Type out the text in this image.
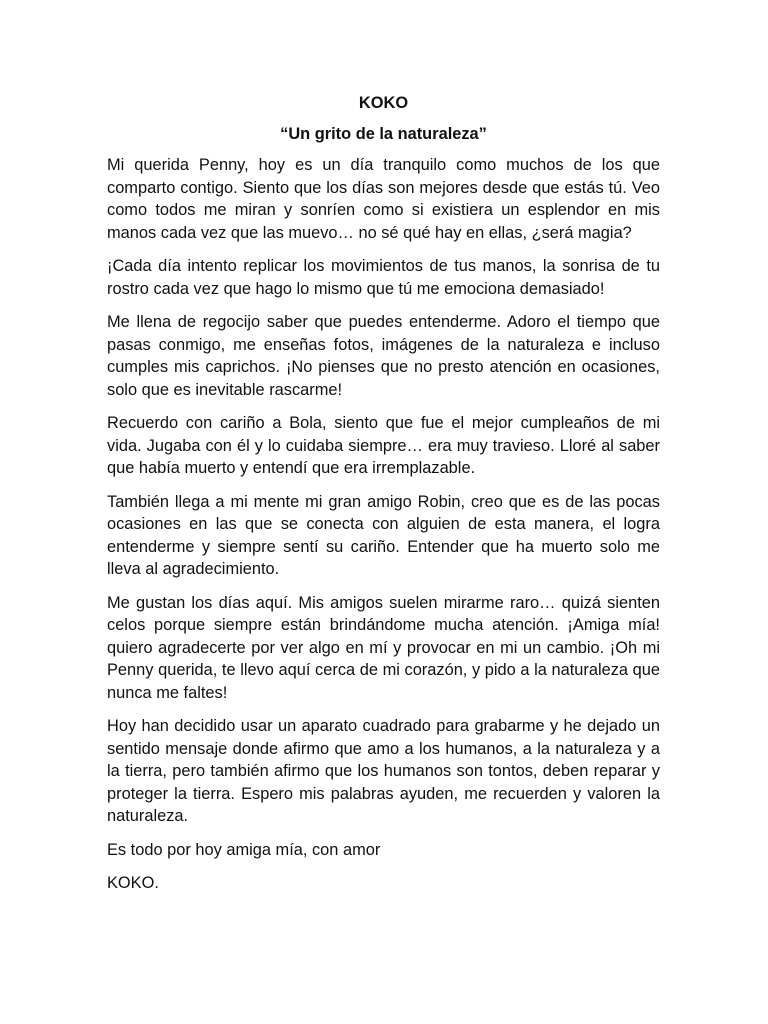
KOKO

“Un grito de la naturaleza”

Mi querida Penny, hoy es un día tranquilo como muchos de los que comparto contigo. Siento que los días son mejores desde que estás tú. Veo como todos me miran y sonríen como si existiera un esplendor en mis manos cada vez que las muevo… no sé qué hay en ellas, ¿será magia?

¡Cada día intento replicar los movimientos de tus manos, la sonrisa de tu rostro cada vez que hago lo mismo que tú me emociona demasiado!

Me llena de regocijo saber que puedes entenderme. Adoro el tiempo que pasas conmigo, me enseñas fotos, imágenes de la naturaleza e incluso cumples mis caprichos. ¡No pienses que no presto atención en ocasiones, solo que es inevitable rascarme!

Recuerdo con cariño a Bola, siento que fue el mejor cumpleaños de mi vida. Jugaba con él y lo cuidaba siempre… era muy travieso. Lloré al saber que había muerto y entendí que era irremplazable.

También llega a mi mente mi gran amigo Robin, creo que es de las pocas ocasiones en las que se conecta con alguien de esta manera, el logra entenderme y siempre sentí su cariño. Entender que ha muerto solo me lleva al agradecimiento.

Me gustan los días aquí. Mis amigos suelen mirarme raro… quizá sienten celos porque siempre están brindándome mucha atención. ¡Amiga mía! quiero agradecerte por ver algo en mí y provocar en mi un cambio. ¡Oh mi Penny querida, te llevo aquí cerca de mi corazón, y pido a la naturaleza que nunca me faltes!

Hoy han decidido usar un aparato cuadrado para grabarme y he dejado un sentido mensaje donde afirmo que amo a los humanos, a la naturaleza y a la tierra, pero también afirmo que los humanos son tontos, deben reparar y proteger la tierra. Espero mis palabras ayuden, me recuerden y valoren la naturaleza.

Es todo por hoy amiga mía, con amor

KOKO.
